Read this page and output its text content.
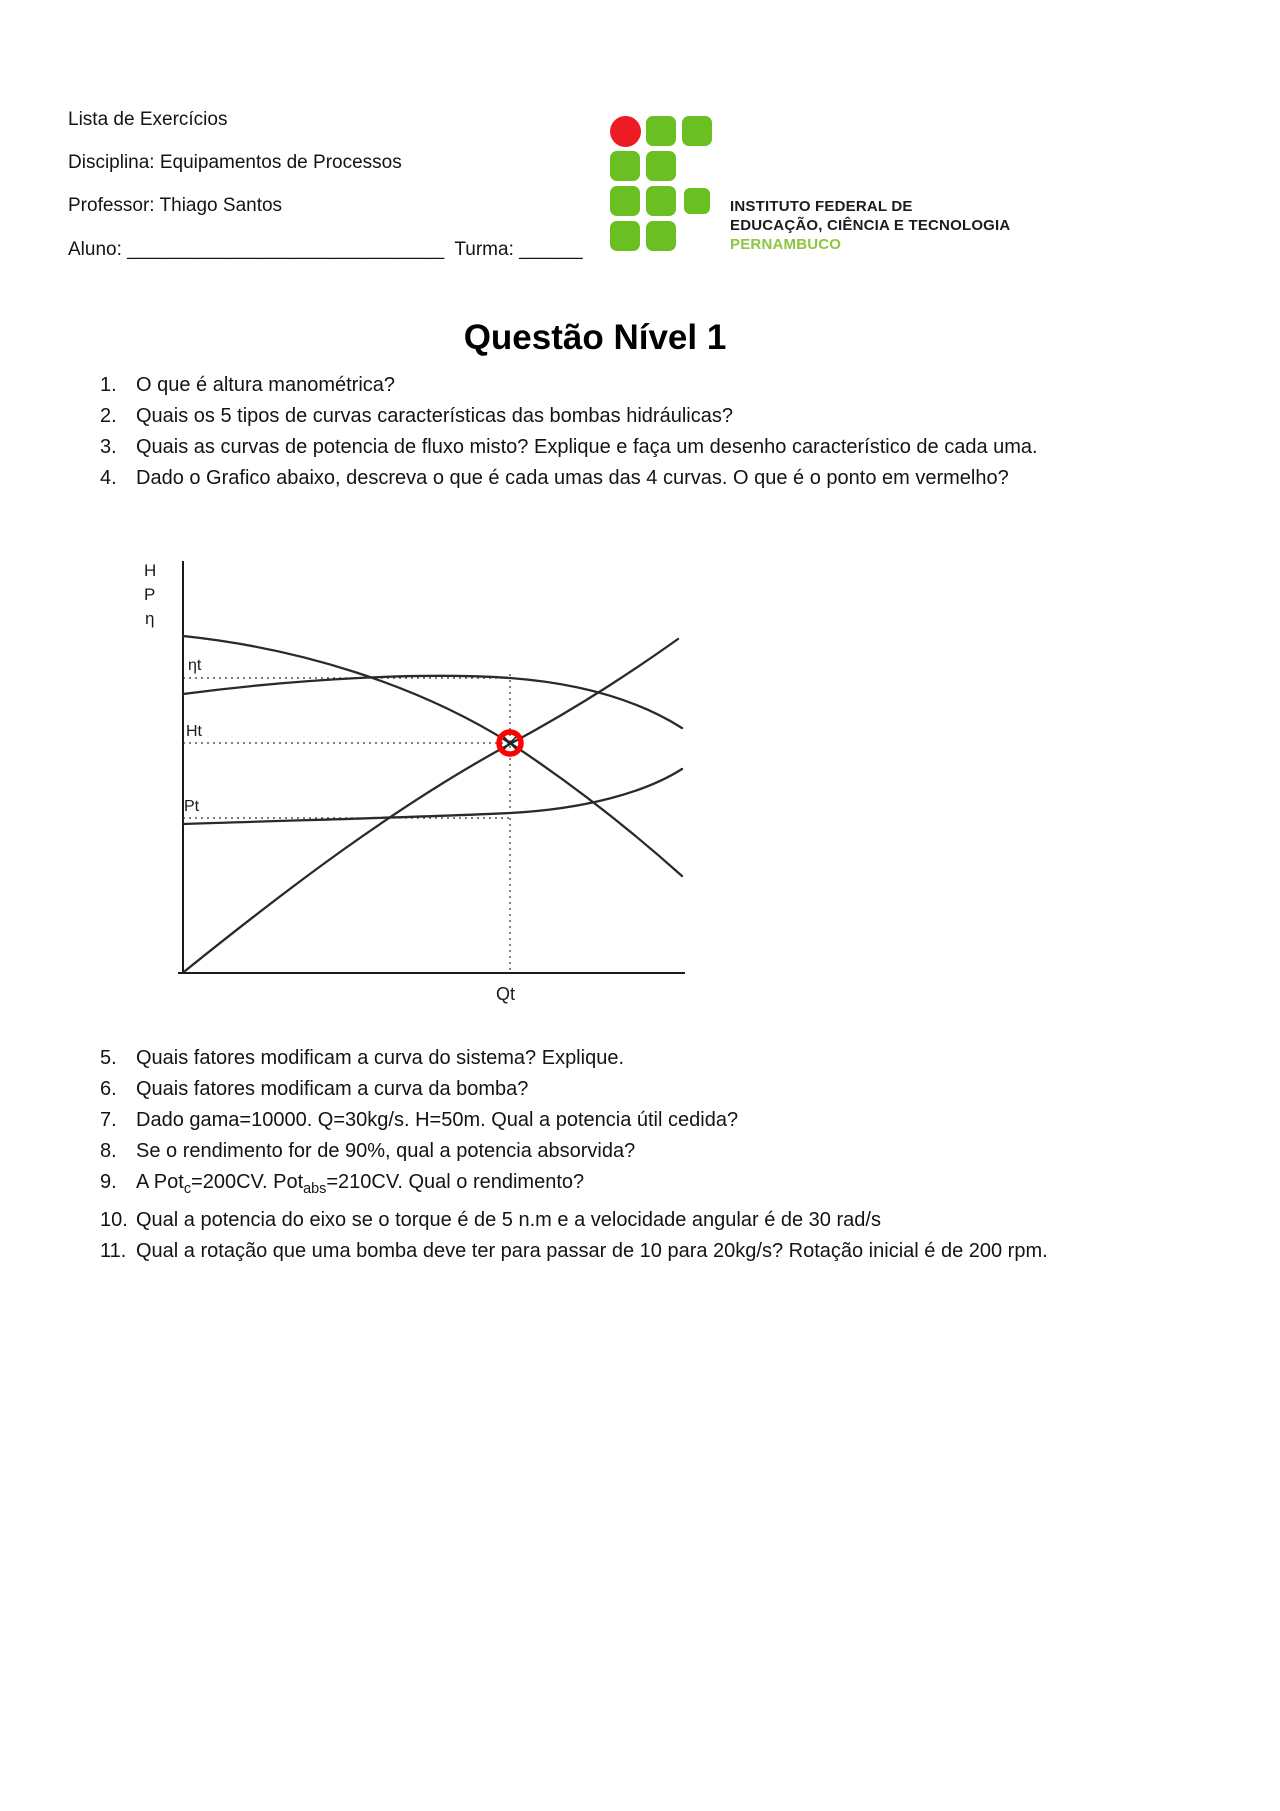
Lista de Exercícios
Disciplina: Equipamentos de Processos
Professor: Thiago Santos
Aluno: ______________________________  Turma: ______
INSTITUTO FEDERAL DE
EDUCAÇÃO, CIÊNCIA E TECNOLOGIA
PERNAMBUCO
Questão Nível 1
1. O que é altura manométrica?
2. Quais os 5 tipos de curvas características das bombas hidráulicas?
3. Quais as curvas de potencia de fluxo misto? Explique e faça um desenho característico de cada uma.
4. Dado o Grafico abaixo, descreva o que é cada umas das 4 curvas. O que é o ponto em vermelho?
H
P
η
ηt
Ht
Pt
Qt
5. Quais fatores modificam a curva do sistema? Explique.
6. Quais fatores modificam a curva da bomba?
7. Dado gama=10000. Q=30kg/s. H=50m. Qual a potencia útil cedida?
8. Se o rendimento for de 90%, qual a potencia absorvida?
9. A Pot$_c$=200CV. Pot$_{abs}$=210CV. Qual o rendimento?
10. Qual a potencia do eixo se o torque é de 5 n.m e a velocidade angular é de 30 rad/s
11. Qual a rotação que uma bomba deve ter para passar de 10 para 20kg/s? Rotação inicial é de 200 rpm.
